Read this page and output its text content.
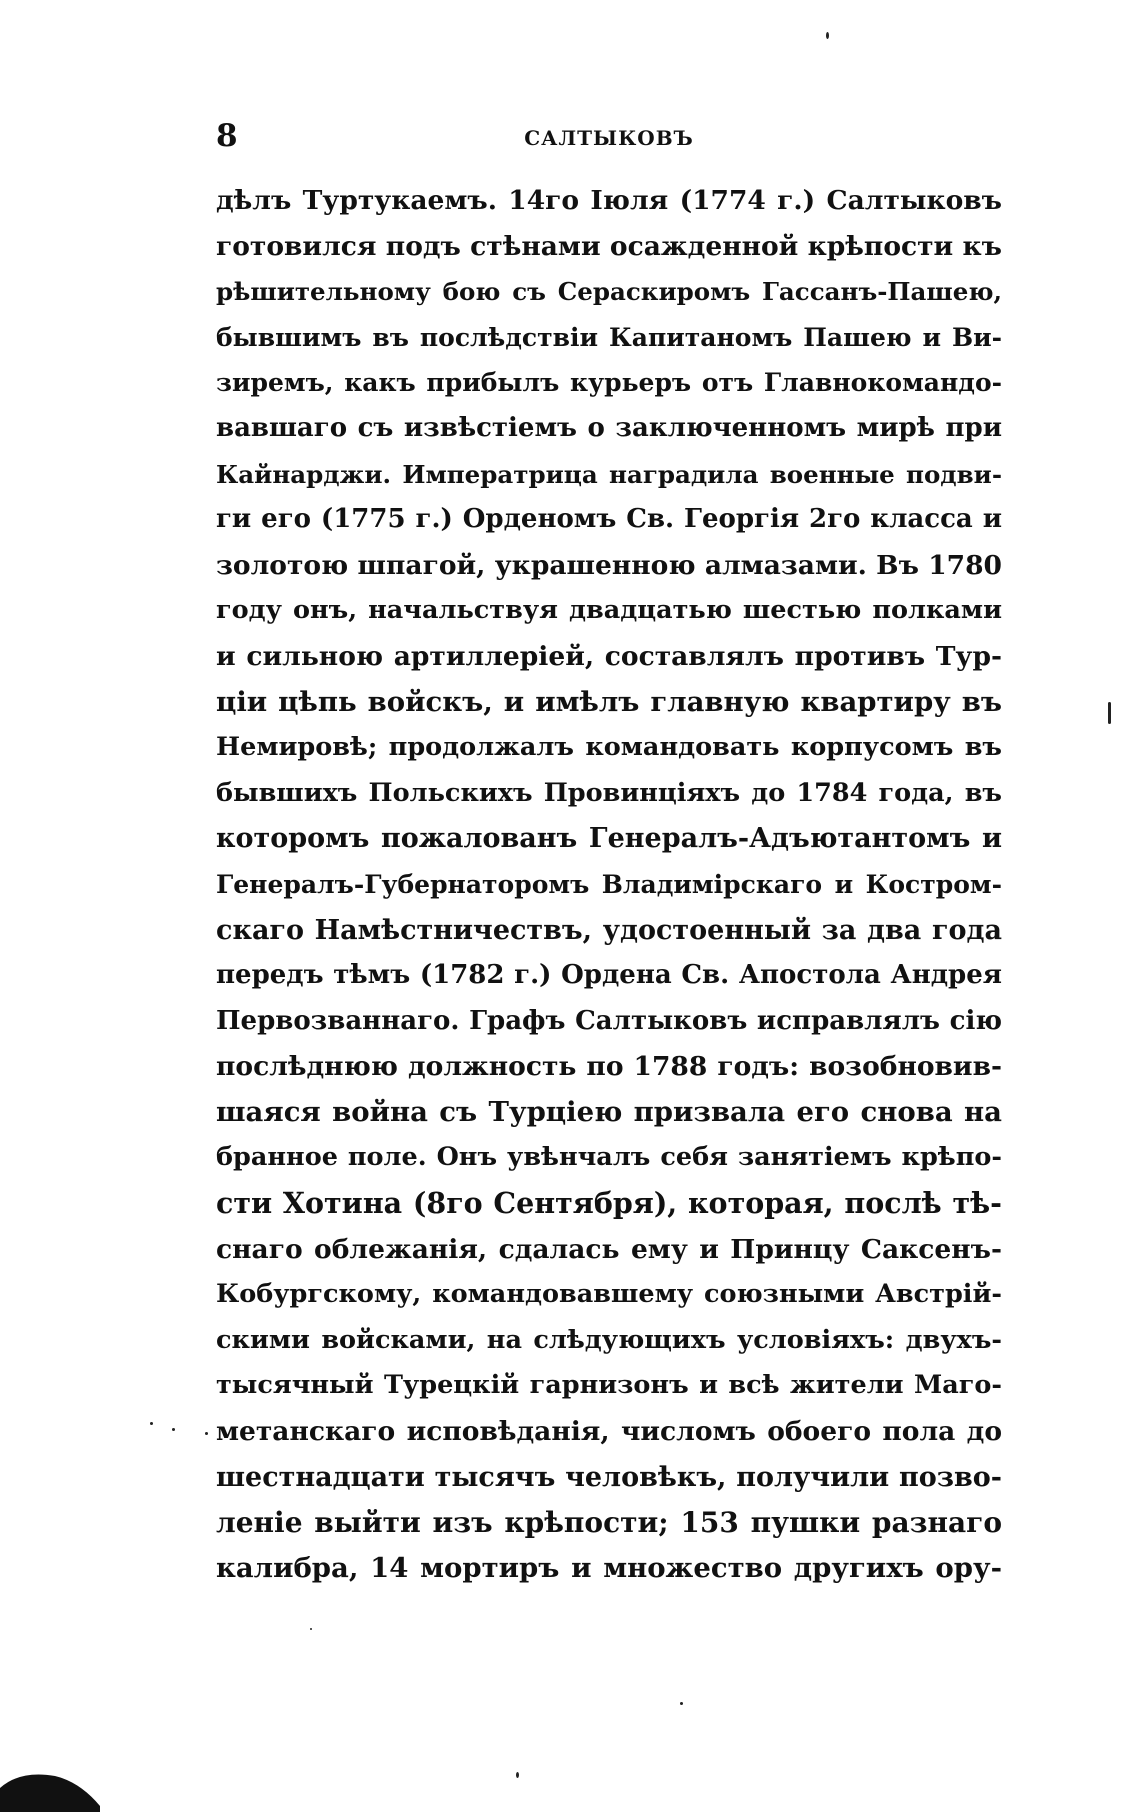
8	САЛТЫКОВЪ
дѣлъ Туртукаемъ. 14го Іюля (1774 г.) Салтыковъ
готовился подъ стѣнами осажденной крѣпости къ
рѣшительному бою съ Сераскиромъ Гассанъ-Пашею,
бывшимъ въ послѣдствіи Капитаномъ Пашею и Ви-
зиремъ, какъ прибылъ курьеръ отъ Главнокомандо-
вавшаго съ извѣстіемъ о заключенномъ мирѣ при
Кайнарджи. Императрица наградила военные подви-
ги его (1775 г.) Орденомъ Св. Георгія 2го класса и
золотою шпагой, украшенною алмазами. Въ 1780
году онъ, начальствуя двадцатью шестью полками
и сильною артиллеріей, составлялъ противъ Тур-
ціи цѣпь войскъ, и имѣлъ главную квартиру въ
Немировѣ; продолжалъ командовать корпусомъ въ
бывшихъ Польскихъ Провинціяхъ до 1784 года, въ
которомъ пожалованъ Генералъ-Адъютантомъ и
Генералъ-Губернаторомъ Владимірскаго и Костром-
скаго Намѣстничествъ, удостоенный за два года
передъ тѣмъ (1782 г.) Ордена Св. Апостола Андрея
Первозваннаго. Графъ Салтыковъ исправлялъ сію
послѣднюю должность по 1788 годъ: возобновив-
шаяся война съ Турціею призвала его снова на
бранное поле. Онъ увѣнчалъ себя занятіемъ крѣпо-
сти Хотина (8го Сентября), которая, послѣ тѣ-
снаго облежанія, сдалась ему и Принцу Саксенъ-
Кобургскому, командовавшему союзными Австрій-
скими войсками, на слѣдующихъ условіяхъ: двухъ-
тысячный Турецкій гарнизонъ и всѣ жители Маго-
метанскаго исповѣданія, числомъ обоего пола до
шестнадцати тысячъ человѣкъ, получили позво-
леніе выйти изъ крѣпости; 153 пушки разнаго
калибра, 14 мортиръ и множество другихъ ору-
